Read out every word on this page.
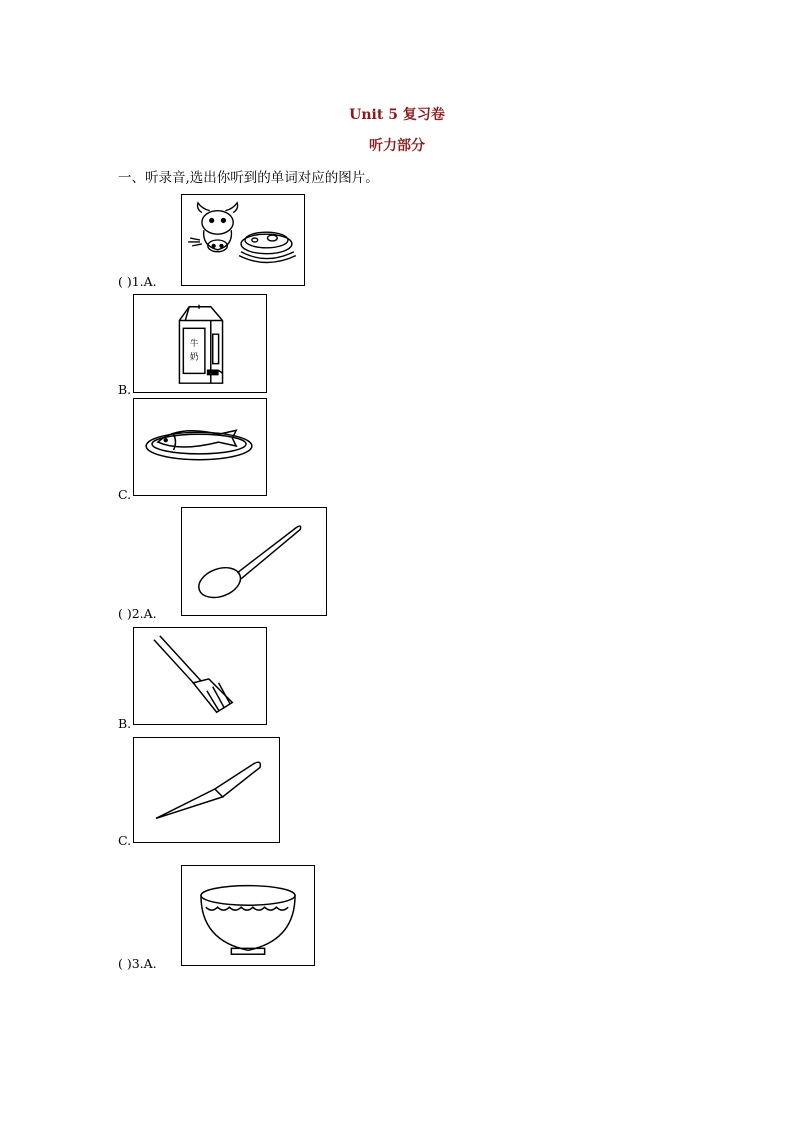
Unit 5 复习卷
听力部分
一、听录音,选出你听到的单词对应的图片。
( )1.A.
B.
牛
奶
C.
( )2.A.
B.
C.
( )3.A.
